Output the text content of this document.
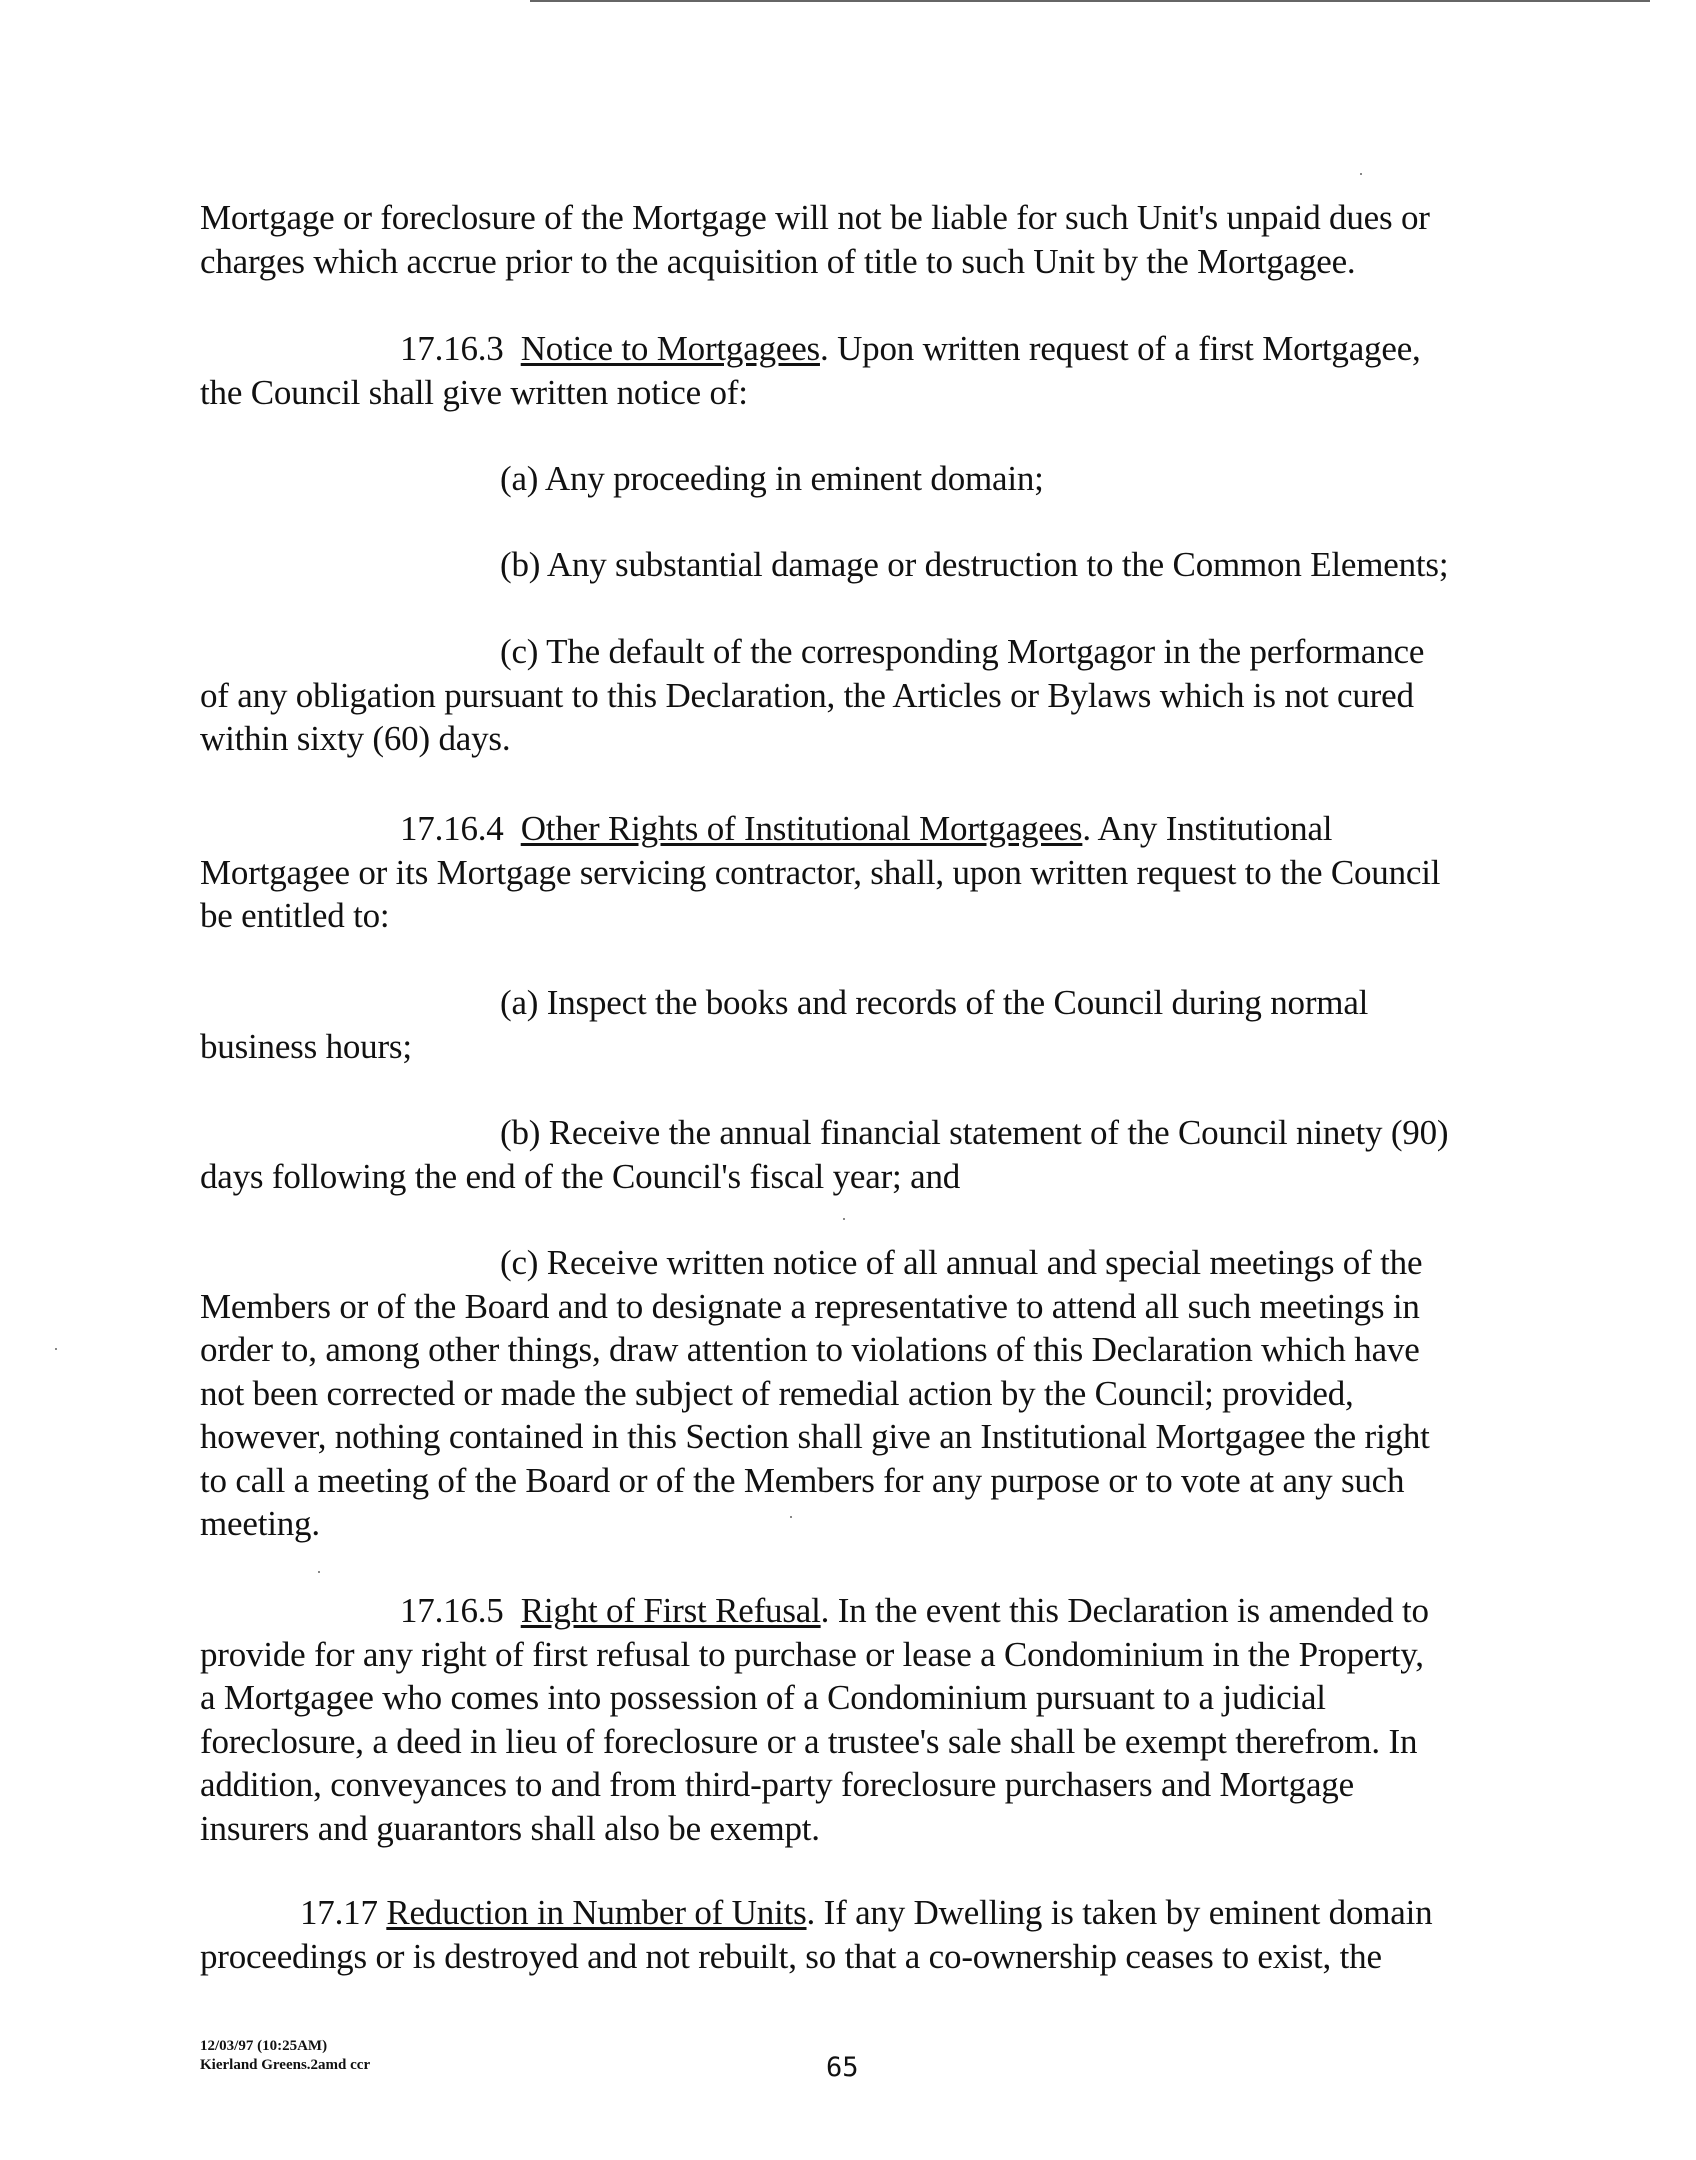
Mortgage or foreclosure of the Mortgage will not be liable for such Unit's unpaid dues or
charges which accrue prior to the acquisition of title to such Unit by the Mortgagee.
17.16.3 Notice to Mortgagees. Upon written request of a first Mortgagee,
the Council shall give written notice of:
(a) Any proceeding in eminent domain;
(b) Any substantial damage or destruction to the Common Elements;
(c) The default of the corresponding Mortgagor in the performance
of any obligation pursuant to this Declaration, the Articles or Bylaws which is not cured
within sixty (60) days.
17.16.4 Other Rights of Institutional Mortgagees. Any Institutional
Mortgagee or its Mortgage servicing contractor, shall, upon written request to the Council
be entitled to:
(a) Inspect the books and records of the Council during normal
business hours;
(b) Receive the annual financial statement of the Council ninety (90)
days following the end of the Council's fiscal year; and
(c) Receive written notice of all annual and special meetings of the
Members or of the Board and to designate a representative to attend all such meetings in
order to, among other things, draw attention to violations of this Declaration which have
not been corrected or made the subject of remedial action by the Council; provided,
however, nothing contained in this Section shall give an Institutional Mortgagee the right
to call a meeting of the Board or of the Members for any purpose or to vote at any such
meeting.
17.16.5 Right of First Refusal. In the event this Declaration is amended to
provide for any right of first refusal to purchase or lease a Condominium in the Property,
a Mortgagee who comes into possession of a Condominium pursuant to a judicial
foreclosure, a deed in lieu of foreclosure or a trustee's sale shall be exempt therefrom. In
addition, conveyances to and from third-party foreclosure purchasers and Mortgage
insurers and guarantors shall also be exempt.
17.17 Reduction in Number of Units. If any Dwelling is taken by eminent domain
proceedings or is destroyed and not rebuilt, so that a co-ownership ceases to exist, the
12/03/97 (10:25AM)
Kierland Greens.2amd ccr	65
